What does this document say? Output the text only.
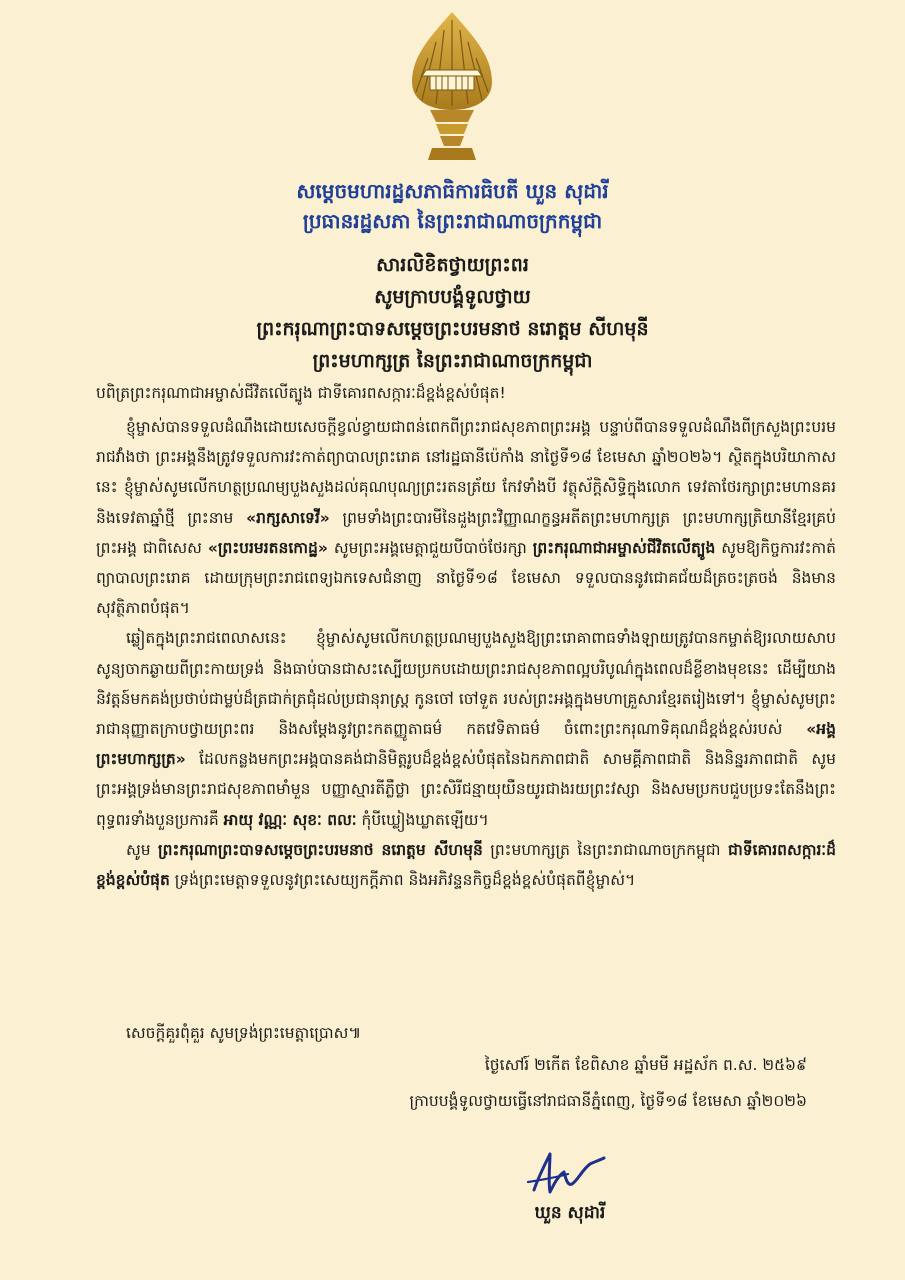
សម្ដេចមហារដ្ឋសភាធិការធិបតី ឃួន សុដារី
ប្រធានរដ្ឋសភា នៃព្រះរាជាណាចក្រកម្ពុជា
សារលិខិតថ្វាយព្រះពរ
សូមក្រាបបង្គំទូលថ្វាយ
ព្រះករុណាព្រះបាទសម្ដេចព្រះបរមនាថ នរោត្ដម សីហមុនី
ព្រះមហាក្សត្រ នៃព្រះរាជាណាចក្រកម្ពុជា
បពិត្រព្រះករុណាជាអម្ចាស់ជីវិតលើត្បូង ជាទីគោរពសក្ការៈដ៏ខ្ពង់ខ្ពស់បំផុត!

ខ្ញុំម្ចាស់បានទទួលដំណឹងដោយសេចក្ដីខ្វល់ខ្វាយជាពន់ពេកពីព្រះរាជសុខភាពព្រះអង្គ បន្ទាប់ពីបានទទួលដំណឹងពីក្រសួងព្រះបរមរាជវាំងថា ព្រះអង្គនឹងត្រូវទទួលការវះកាត់ព្យាបាលព្រះរោគ នៅរដ្ឋធានីប៉េកាំង នាថ្ងៃទី១៨ ខែមេសា ឆ្នាំ២០២៦។ ស្ថិតក្នុងបរិយាកាសនេះ ខ្ញុំម្ចាស់សូមលើកហត្ថប្រណម្យបួងសួងដល់គុណបុណ្យព្រះរតនត្រ័យ កែវទាំងបី វត្ថុស័ក្ដិសិទ្ធិក្នុងលោក ទេវតាថែរក្សាព្រះមហានគរ និងទេវតាឆ្នាំថ្មី ព្រះនាម «រាក្សសាទេវី» ព្រមទាំងព្រះបារមីនៃដួងព្រះវិញ្ញាណក្ខន្ធអតីតព្រះមហាក្សត្រ ព្រះមហាក្សត្រិយានីខ្មែរគ្រប់ព្រះអង្គ ជាពិសេស «ព្រះបរមរតនកោដ្ឋ» សូមព្រះអង្គមេត្តាជួយបីបាច់ថែរក្សា ព្រះករុណាជាអម្ចាស់ជីវិតលើត្បូង សូមឱ្យកិច្ចការវះកាត់ព្យាបាលព្រះរោគ ដោយក្រុមព្រះរាជពេទ្យឯកទេសជំនាញ នាថ្ងៃទី១៨ ខែមេសា ទទួលបាននូវជោគជ័យដ៏ត្រចះត្រចង់ និងមានសុវត្ថិភាពបំផុត។

ឆ្លៀតក្នុងព្រះរាជពេលាសនេះ ខ្ញុំម្ចាស់សូមលើកហត្ថប្រណម្យបួងសួងឱ្យព្រះរោគាពាធទាំងឡាយត្រូវបានកម្ចាត់ឱ្យរលាយសាបសូន្យចាកឆ្ងាយពីព្រះកាយទ្រង់ និងធាប់បានជាសះស្បើយប្រកបដោយព្រះរាជសុខភាពល្អបរិបូណ៌ក្នុងពេលដ៏ខ្លីខាងមុខនេះ ដើម្បីយាងនិវត្តន៍មកគង់ប្រថាប់ជាម្លប់ដ៏ត្រជាក់ត្រជុំដល់ប្រជានុរាស្ត្រ កូនចៅ ចៅទួត របស់ព្រះអង្គក្នុងមហាគ្រួសារខ្មែរតរៀងទៅ។ ខ្ញុំម្ចាស់សូមព្រះរាជានុញ្ញាតក្រាបថ្វាយព្រះពរ និងសម្ដែងនូវព្រះកតញ្ញូតាធម៌ កតវេទិតាធម៌ ចំពោះព្រះករុណាទិគុណដ៏ខ្ពង់ខ្ពស់របស់ «អង្គព្រះមហាក្សត្រ» ដែលកន្លងមកព្រះអង្គបានគង់ជានិមិត្តរូបដ៏ខ្ពង់ខ្ពស់បំផុតនៃឯកភាពជាតិ សាមគ្គីភាពជាតិ និងនិន្នរភាពជាតិ សូមព្រះអង្គទ្រង់មានព្រះរាជសុខភាពមាំមួន បញ្ញាស្មារតីភ្លឺថ្លា ព្រះសិរីជន្មាយុយឺនយូរជាងរយព្រះវស្សា និងសមប្រកបជួបប្រទះតែនឹងព្រះពុទ្ធពរទាំងបួនប្រការគឺ អាយុ វណ្ណៈ សុខៈ ពលៈ កុំបីឃ្លៀងឃ្លាតឡើយ។

សូម ព្រះករុណាព្រះបាទសម្ដេចព្រះបរមនាថ នរោត្ដម សីហមុនី ព្រះមហាក្សត្រ នៃព្រះរាជាណាចក្រកម្ពុជា ជាទីគោរពសក្ការៈដ៏ខ្ពង់ខ្ពស់បំផុត ទ្រង់ព្រះមេត្តាទទួលនូវព្រះសេយ្យកក្ដីភាព និងអភិវន្ទនកិច្ចដ៏ខ្ពង់ខ្ពស់បំផុតពីខ្ញុំម្ចាស់។

សេចក្ដីគួរពុំគួរ សូមទ្រង់ព្រះមេត្តាប្រោស៕
ថ្ងៃសៅរ៍ ២កើត ខែពិសាខ ឆ្នាំមមី អដ្ឋស័ក ព.ស. ២៥៦៩
ក្រាបបង្គំទូលថ្វាយធ្វើនៅរាជធានីភ្នំពេញ, ថ្ងៃទី១៨ ខែមេសា ឆ្នាំ២០២៦
ឃួន សុដារី
